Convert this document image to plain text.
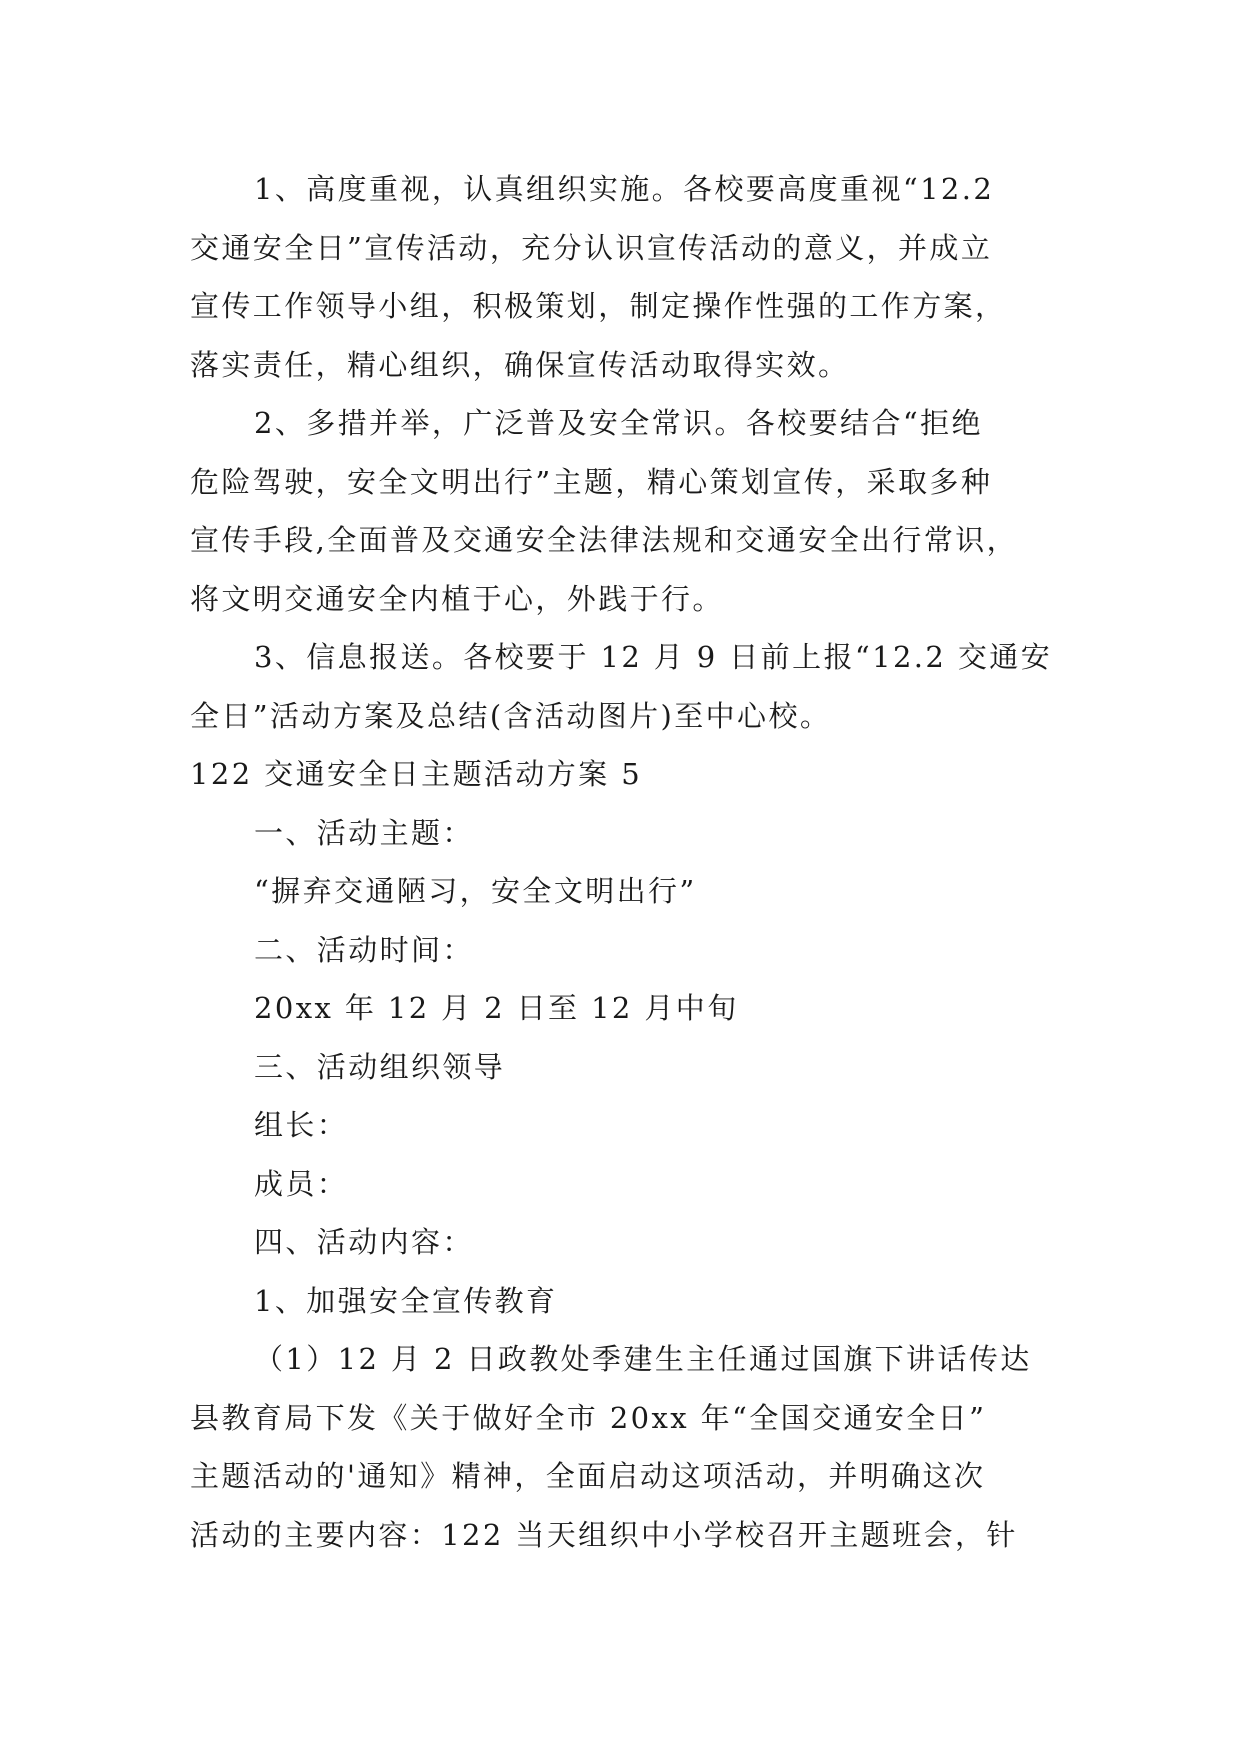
1、高度重视，认真组织实施。各校要高度重视“12.2
交通安全日”宣传活动，充分认识宣传活动的意义，并成立
宣传工作领导小组，积极策划，制定操作性强的工作方案，
落实责任，精心组织，确保宣传活动取得实效。
2、多措并举，广泛普及安全常识。各校要结合“拒绝
危险驾驶，安全文明出行”主题，精心策划宣传，采取多种
宣传手段,全面普及交通安全法律法规和交通安全出行常识，
将文明交通安全内植于心，外践于行。
3、信息报送。各校要于 12 月 9 日前上报“12.2 交通安
全日”活动方案及总结(含活动图片)至中心校。
122 交通安全日主题活动方案 5
一、活动主题：
“摒弃交通陋习，安全文明出行”
二、活动时间：
20xx 年 12 月 2 日至 12 月中旬
三、活动组织领导
组长：
成员：
四、活动内容：
1、加强安全宣传教育
（1）12 月 2 日政教处季建生主任通过国旗下讲话传达
县教育局下发《关于做好全市 20xx 年“全国交通安全日”
主题活动的'通知》精神，全面启动这项活动，并明确这次
活动的主要内容：122 当天组织中小学校召开主题班会，针
